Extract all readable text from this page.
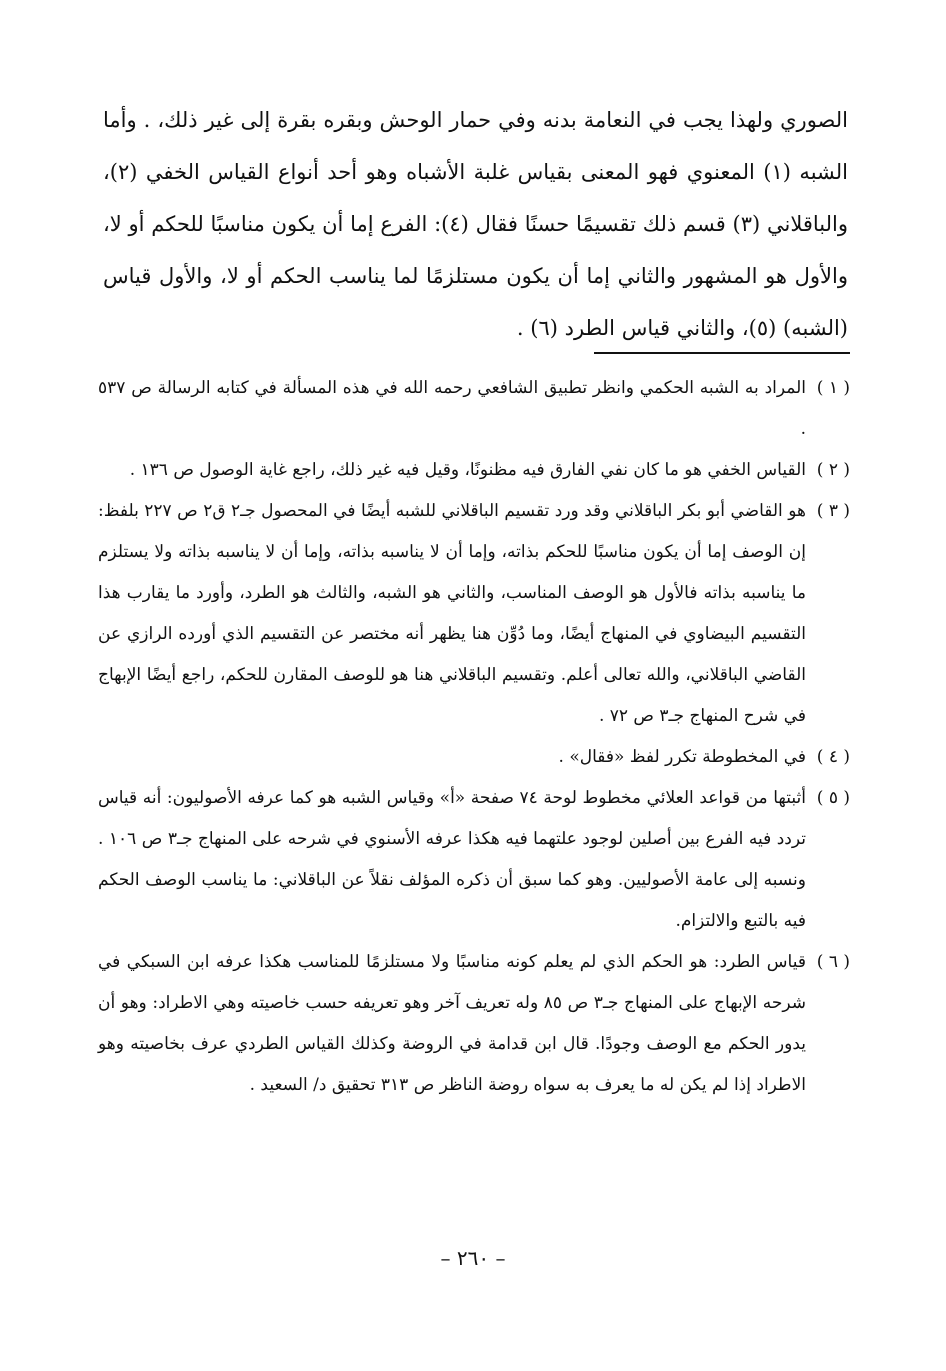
الصوري ولهذا يجب في النعامة بدنه وفي حمار الوحش وبقره بقرة إلى غير ذلك، . وأما الشبه (١) المعنوي فهو المعنى بقياس غلبة الأشباه وهو أحد أنواع القياس الخفي (٢)، والباقلاني (٣) قسم ذلك تقسيمًا حسنًا فقال (٤): الفرع إما أن يكون مناسبًا للحكم أو لا، والأول هو المشهور والثاني إما أن يكون مستلزمًا لما يناسب الحكم أو لا، والأول قياس (الشبه) (٥)، والثاني قياس الطرد (٦) .

( ١ )
المراد به الشبه الحكمي وانظر تطبيق الشافعي رحمه الله في هذه المسألة في كتابه الرسالة ص ٥٣٧ .
( ٢ )
القياس الخفي هو ما كان نفي الفارق فيه مظنونًا، وقيل فيه غير ذلك، راجع غاية الوصول ص ١٣٦ .
( ٣ )
هو القاضي أبو بكر الباقلاني وقد ورد تقسيم الباقلاني للشبه أيضًا في المحصول جـ٢ ق٢ ص ٢٢٧ بلفظ: إن الوصف إما أن يكون مناسبًا للحكم بذاته، وإما أن لا يناسبه بذاته، وإما أن لا يناسبه بذاته ولا يستلزم ما يناسبه بذاته فالأول هو الوصف المناسب، والثاني هو الشبه، والثالث هو الطرد، وأورد ما يقارب هذا التقسيم البيضاوي في المنهاج أيضًا، وما دُوِّن هنا يظهر أنه مختصر عن التقسيم الذي أورده الرازي عن القاضي الباقلاني، والله تعالى أعلم. وتقسيم الباقلاني هنا هو للوصف المقارن للحكم، راجع أيضًا الإبهاج في شرح المنهاج جـ٣ ص ٧٢ .
( ٤ )
في المخطوطة تكرر لفظ «فقال» .
( ٥ )
أثبتها من قواعد العلائي مخطوط لوحة ٧٤ صفحة «أ» وقياس الشبه هو كما عرفه الأصوليون: أنه قياس تردد فيه الفرع بين أصلين لوجود علتهما فيه هكذا عرفه الأسنوي في شرحه على المنهاج جـ٣ ص ١٠٦ . ونسبه إلى عامة الأصوليين. وهو كما سبق أن ذكره المؤلف نقلاً عن الباقلاني: ما يناسب الوصف الحكم فيه بالتبع والالتزام.
( ٦ )
قياس الطرد: هو الحكم الذي لم يعلم كونه مناسبًا ولا مستلزمًا للمناسب هكذا عرفه ابن السبكي في شرحه الإبهاج على المنهاج جـ٣ ص ٨٥ وله تعريف آخر وهو تعريفه حسب خاصيته وهي الاطراد: وهو أن يدور الحكم مع الوصف وجودًا. قال ابن قدامة في الروضة وكذلك القياس الطردي عرف بخاصيته وهو الاطراد إذا لم يكن له ما يعرف به سواه روضة الناظر ص ٣١٣ تحقيق د/ السعيد .
– ٢٦٠ –
